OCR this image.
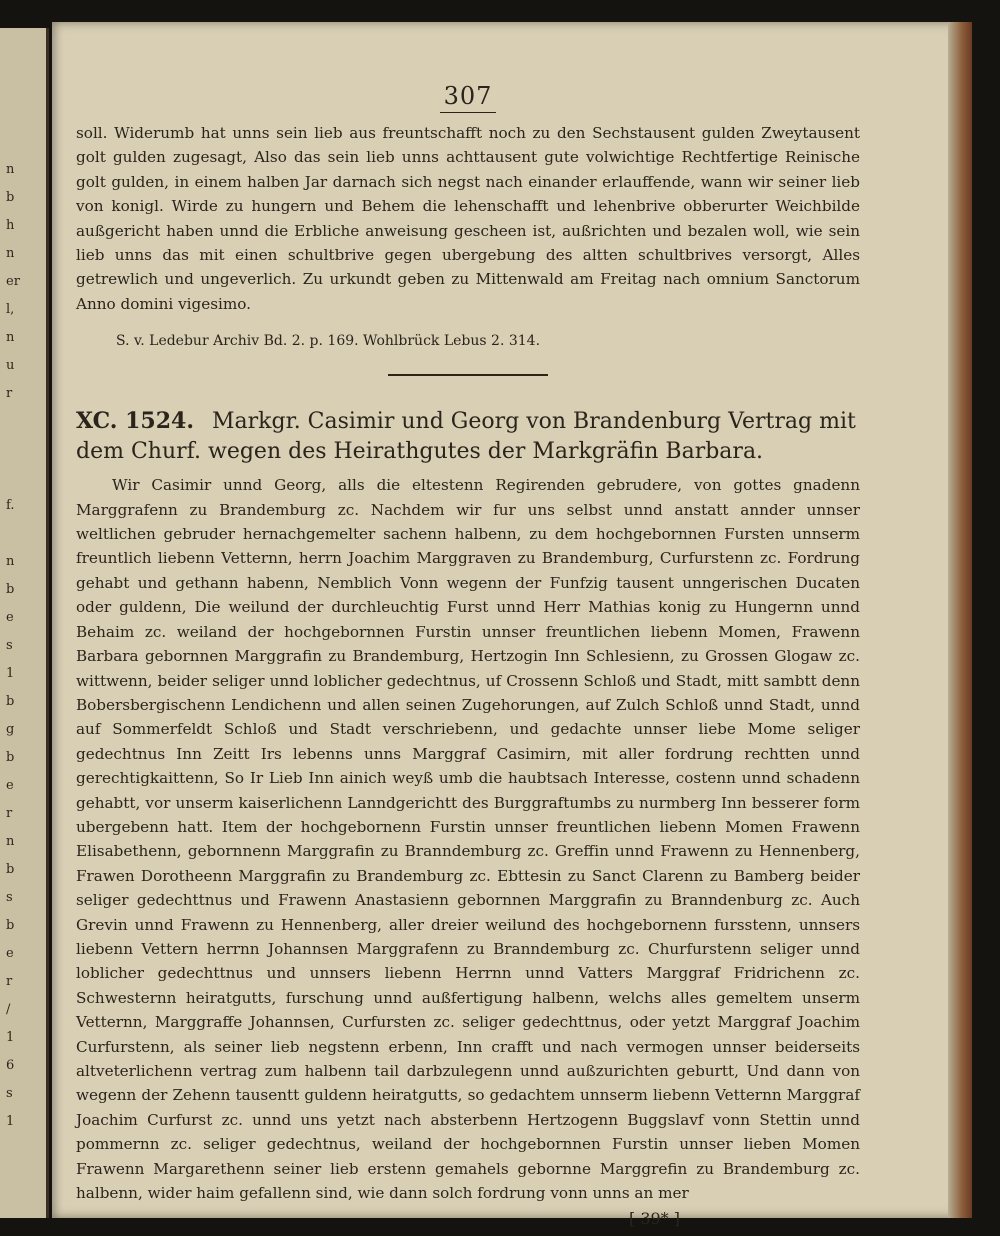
n
b
h
n
er
l,
n
u
r
f.
n
b
e
s
1
b
g
b
e
r
n
b
s
b
e
r
/
1
6
s
1
307

soll. Widerumb hat unns sein lieb aus freuntschafft noch zu den Sechstausent gulden Zweytausent golt gulden zugesagt, Also das sein lieb unns achttausent gute volwichtige Rechtfertige Reinische golt gulden, in einem halben Jar darnach sich negst nach einander erlauffende, wann wir seiner lieb von konigl. Wirde zu hungern und Behem die lehenschafft und lehenbrive obberurter Weichbilde außgericht haben unnd die Erbliche anweisung gescheen ist, außrichten und bezalen woll, wie sein lieb unns das mit einen schultbrive gegen ubergebung des altten schultbrives versorgt, Alles getrewlich und ungeverlich. Zu urkundt geben zu Mittenwald am Freitag nach omnium Sanctorum Anno domini vigesimo.

S. v. Ledebur Archiv Bd. 2. p. 169. Wohlbrück Lebus 2. 314.
XC. 1524. Markgr. Casimir und Georg von Brandenburg Vertrag mit dem Churf. wegen des Heirathgutes der Markgräfin Barbara.

Wir Casimir unnd Georg, alls die eltestenn Regirenden gebrudere, von gottes gnadenn Marggrafenn zu Brandemburg zc. Nachdem wir fur uns selbst unnd anstatt annder unnser weltlichen gebruder hernachgemelter sachenn halbenn, zu dem hochgebornnen Fursten unnserm freuntlich liebenn Vetternn, herrn Joachim Marggraven zu Brandemburg, Curfurstenn zc. Fordrung gehabt und gethann habenn, Nemblich Vonn wegenn der Funfzig tausent unngerischen Ducaten oder guldenn, Die weilund der durchleuchtig Furst unnd Herr Mathias konig zu Hungernn unnd Behaim zc. weiland der hochgebornnen Furstin unnser freuntlichen liebenn Momen, Frawenn Barbara gebornnen Marggrafin zu Brandemburg, Hertzogin Inn Schlesienn, zu Grossen Glogaw zc. wittwenn, beider seliger unnd loblicher gedechtnus, uf Crossenn Schloß und Stadt, mitt sambtt denn Bobersbergischenn Lendichenn und allen seinen Zugehorungen, auf Zulch Schloß unnd Stadt, unnd auf Sommerfeldt Schloß und Stadt verschriebenn, und gedachte unnser liebe Mome seliger gedechtnus Inn Zeitt Irs lebenns unns Marggraf Casimirn, mit aller fordrung rechtten unnd gerechtigkaittenn, So Ir Lieb Inn ainich weyß umb die haubtsach Interesse, costenn unnd schadenn gehabtt, vor unserm kaiserlichenn Lanndgerichtt des Burggraftumbs zu nurmberg Inn besserer form ubergebenn hatt. Item der hochgebornenn Furstin unnser freuntlichen liebenn Momen Frawenn Elisabethenn, gebornnenn Marggrafin zu Branndemburg zc. Greffin unnd Frawenn zu Hennenberg, Frawen Dorotheenn Marggrafin zu Brandemburg zc. Ebttesin zu Sanct Clarenn zu Bamberg beider seliger gedechttnus und Frawenn Anastasienn gebornnen Marggrafin zu Branndenburg zc. Auch Grevin unnd Frawenn zu Hennenberg, aller dreier weilund des hochgebornenn fursstenn, unnsers liebenn Vettern herrnn Johannsen Marggrafenn zu Branndemburg zc. Churfurstenn seliger unnd loblicher gedechttnus und unnsers liebenn Herrnn unnd Vatters Marggraf Fridrichenn zc. Schwesternn heiratgutts, furschung unnd außfertigung halbenn, welchs alles gemeltem unserm Vetternn, Marggraffe Johannsen, Curfursten zc. seliger gedechttnus, oder yetzt Marggraf Joachim Curfurstenn, als seiner lieb negstenn erbenn, Inn crafft und nach vermogen unnser beiderseits altveterlichenn vertrag zum halbenn tail darbzulegenn unnd außzurichten geburtt, Und dann von wegenn der Zehenn tausentt guldenn heiratgutts, so gedachtem unnserm liebenn Vetternn Marggraf Joachim Curfurst zc. unnd uns yetzt nach absterbenn Hertzogenn Buggslavf vonn Stettin unnd pommernn zc. seliger gedechtnus, weiland der hochgebornnen Furstin unnser lieben Momen Frawenn Margarethenn seiner lieb erstenn gemahels gebornne Marggrefin zu Brandemburg zc. halbenn, wider haim gefallenn sind, wie dann solch fordrung vonn unns an mer

[ 39* ]
